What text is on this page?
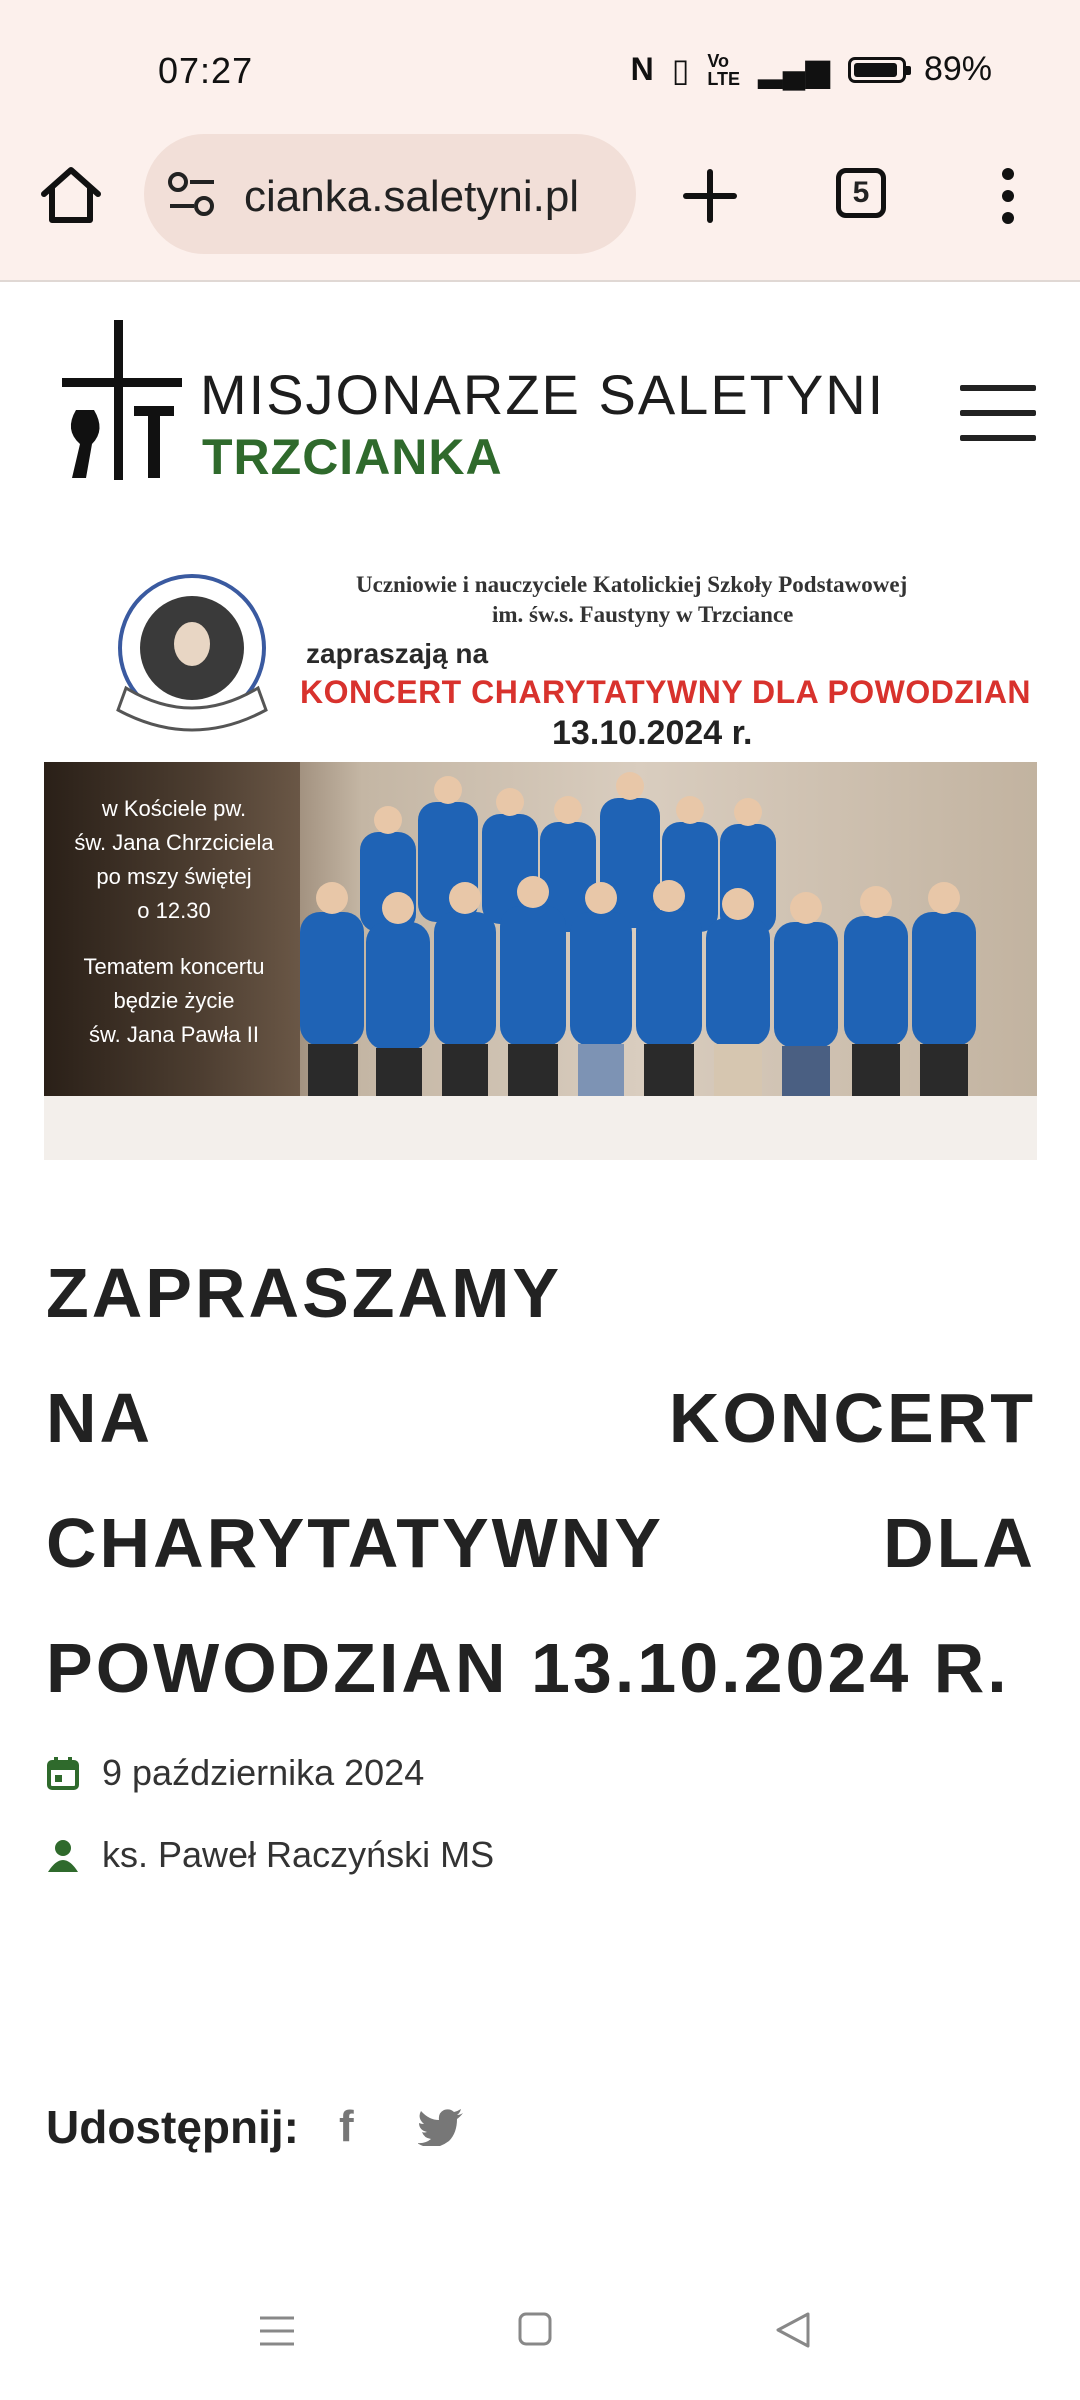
07:27	N ▯ Vo
LTE ▂▄▆	89%
cianka.saletyni.pl	5
MISJONARZE SALETYNI
TRZCIANKA
Uczniowie i nauczyciele Katolickiej Szkoły Podstawowej
im. św.s. Faustyny w Trzciance
zapraszają na
KONCERT CHARYTATYWNY DLA POWODZIAN
13.10.2024 r.
w Kościele pw.
św. Jana Chrzciciela
po mszy świętej
o 12.30
Tematem koncertu
będzie życie
św. Jana Pawła II
ZAPRASZAMY
NA	KONCERT
CHARYTATYWNY	DLA
POWODZIAN 13.10.2024 R.
9 października 2024
ks. Paweł Raczyński MS
Udostępnij: f
